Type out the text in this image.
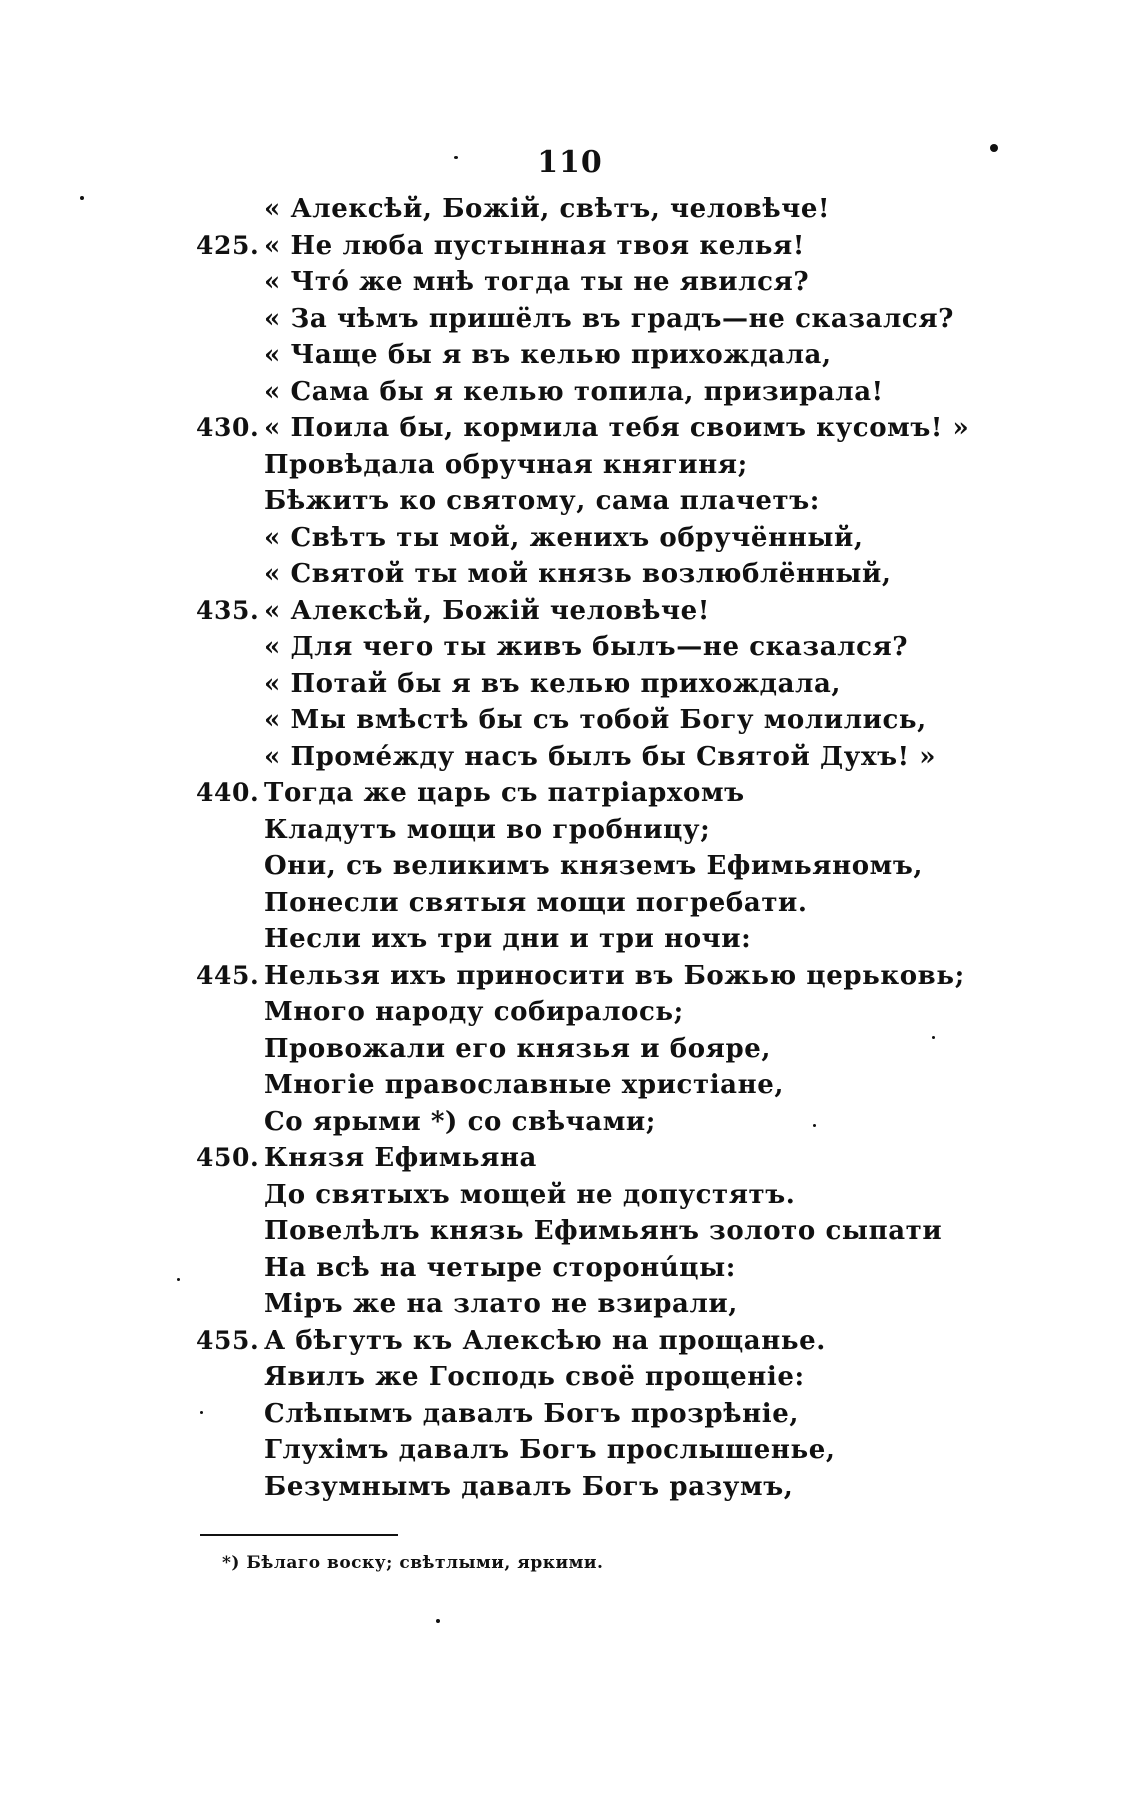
110
« Алексѣй, Божій, свѣтъ, человѣче!
425. « Не люба пустынная твоя келья!
« Чтó же мнѣ тогда ты не явился?
« За чѣмъ пришёлъ въ градъ—не сказался?
« Чаще бы я въ келью прихождала,
« Сама бы я келью топила, призирала!
430. « Поила бы, кормила тебя своимъ кусомъ! »
Провѣдала обручная княгиня;
Бѣжитъ ко святому, сама плачетъ:
« Свѣтъ ты мой, женихъ обручённый,
« Святой ты мой князь возлюблённый,
435. « Алексѣй, Божій человѣче!
« Для чего ты живъ былъ—не сказался?
« Потай бы я въ келью прихождала,
« Мы вмѣстѣ бы съ тобой Богу молились,
« Промéжду насъ былъ бы Святой Духъ! »
440. Тогда же царь съ патріархомъ
Кладутъ мощи во гробницу;
Они, съ великимъ княземъ Ефимьяномъ,
Понесли святыя мощи погребати.
Несли ихъ три дни и три ночи:
445. Нельзя ихъ приносити въ Божью церьковь;
Много народу собиралось;
Провожали его князья и бояре,
Многіе православные христіане,
Со ярыми *) со свѣчами;
450. Князя Ефимьяна
До святыхъ мощей не допустятъ.
Повелѣлъ князь Ефимьянъ золото сыпати
На всѣ на четыре сторонúцы:
Міръ же на злато не взирали,
455. А бѣгутъ къ Алексѣю на прощанье.
Явилъ же Господь своё прощеніе:
Слѣпымъ давалъ Богъ прозрѣніе,
Глухімъ давалъ Богъ прослышенье,
Безумнымъ давалъ Богъ разумъ,
*) Бѣлаго воску; свѣтлыми, яркими.
